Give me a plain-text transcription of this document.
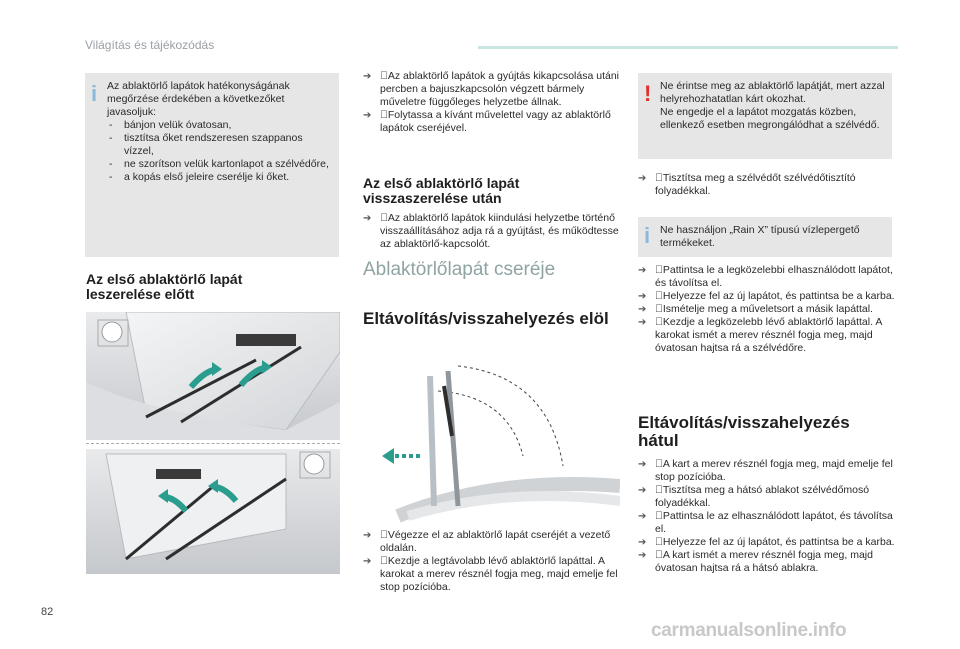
Világítás és tájékozódás
i Az ablaktörlő lapátok hatékonyságának megőrzése érdekében a következőket javasoljuk:

- bánjon velük óvatosan,
- tisztítsa őket rendszeresen szappanos vízzel,
- ne szorítson velük kartonlapot a szélvédőre,
- a kopás első jeleire cserélje ki őket.
Az első ablaktörlő lapát leszerelése előtt
➔ Az ablaktörlő lapátok a gyújtás kikapcsolása utáni percben a bajuszkapcsolón végzett bármely műveletre függőleges helyzetbe állnak.
➔ Folytassa a kívánt művelettel vagy az ablaktörlő lapátok cseréjével.
Az első ablaktörlő lapát visszaszerelése után
➔ Az ablaktörlő lapátok kiindulási helyzetbe történő visszaállításához adja rá a gyújtást, és működtesse az ablaktörlő-kapcsolót.
Ablaktörlőlapát cseréje
Eltávolítás/visszahelyezés elöl
➔ Végezze el az ablaktörlő lapát cseréjét a vezető oldalán.
➔ Kezdje a legtávolabb lévő ablaktörlő lapáttal. A karokat a merev résznél fogja meg, majd emelje fel stop pozícióba.
! Ne érintse meg az ablaktörlő lapátját, mert azzal helyrehozhatatlan kárt okozhat.
Ne engedje el a lapátot mozgatás közben, ellenkező esetben megrongálódhat a szélvédő.
➔ Tisztítsa meg a szélvédőt szélvédőtisztító folyadékkal.
i Ne használjon „Rain X” típusú vízlepergető termékeket.
➔ Pattintsa le a legközelebbi elhasználódott lapátot, és távolítsa el.
➔ Helyezze fel az új lapátot, és pattintsa be a karba.
➔ Ismételje meg a műveletsort a másik lapáttal.
➔ Kezdje a legközelebb lévő ablaktörlő lapáttal. A karokat ismét a merev résznél fogja meg, majd óvatosan hajtsa rá a szélvédőre.
Eltávolítás/visszahelyezés hátul
➔ A kart a merev résznél fogja meg, majd emelje fel stop pozícióba.
➔ Tisztítsa meg a hátsó ablakot szélvédőmosó folyadékkal.
➔ Pattintsa le az elhasználódott lapátot, és távolítsa el.
➔ Helyezze fel az új lapátot, és pattintsa be a karba.
➔ A kart ismét a merev résznél fogja meg, majd óvatosan hajtsa rá a hátsó ablakra.
82
carmanualsonline.info
